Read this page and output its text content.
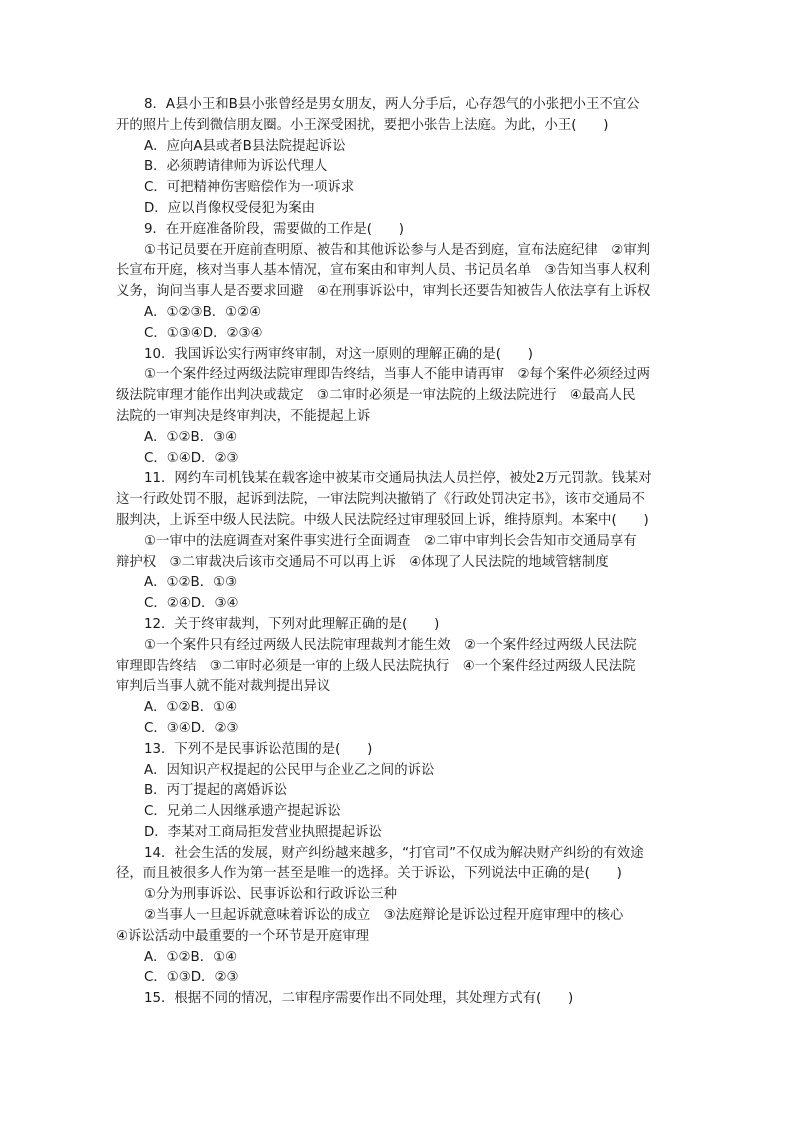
8．A县小王和B县小张曾经是男女朋友，两人分手后，心存怨气的小张把小王不宜公
开的照片上传到微信朋友圈。小王深受困扰，要把小张告上法庭。为此，小王(　　)
A．应向A县或者B县法院提起诉讼
B．必须聘请律师为诉讼代理人
C．可把精神伤害赔偿作为一项诉求
D．应以肖像权受侵犯为案由
9．在开庭准备阶段，需要做的工作是(　　)
①书记员要在开庭前查明原、被告和其他诉讼参与人是否到庭，宣布法庭纪律　②审判
长宣布开庭，核对当事人基本情况，宣布案由和审判人员、书记员名单　③告知当事人权利
义务，询问当事人是否要求回避　④在刑事诉讼中，审判长还要告知被告人依法享有上诉权
A．①②③B．①②④
C．①③④D．②③④
10．我国诉讼实行两审终审制，对这一原则的理解正确的是(　　)
①一个案件经过两级法院审理即告终结，当事人不能申请再审　②每个案件必须经过两
级法院审理才能作出判决或裁定　③二审时必须是一审法院的上级法院进行　④最高人民
法院的一审判决是终审判决，不能提起上诉
A．①②B．③④
C．①④D．②③
11．网约车司机钱某在载客途中被某市交通局执法人员拦停，被处2万元罚款。钱某对
这一行政处罚不服，起诉到法院，一审法院判决撤销了《行政处罚决定书》，该市交通局不
服判决，上诉至中级人民法院。中级人民法院经过审理驳回上诉，维持原判。本案中(　　)
①一审中的法庭调查对案件事实进行全面调查　②二审中审判长会告知市交通局享有
辩护权　③二审裁决后该市交通局不可以再上诉　④体现了人民法院的地域管辖制度
A．①②B．①③
C．②④D．③④
12．关于终审裁判，下列对此理解正确的是(　　)
①一个案件只有经过两级人民法院审理裁判才能生效　②一个案件经过两级人民法院
审理即告终结　③二审时必须是一审的上级人民法院执行　④一个案件经过两级人民法院
审判后当事人就不能对裁判提出异议
A．①②B．①④
C．③④D．②③
13．下列不是民事诉讼范围的是(　　)
A．因知识产权提起的公民甲与企业乙之间的诉讼
B．丙丁提起的离婚诉讼
C．兄弟二人因继承遗产提起诉讼
D．李某对工商局拒发营业执照提起诉讼
14．社会生活的发展，财产纠纷越来越多，“打官司”不仅成为解决财产纠纷的有效途
径，而且被很多人作为第一甚至是唯一的选择。关于诉讼，下列说法中正确的是(　　)
①分为刑事诉讼、民事诉讼和行政诉讼三种
②当事人一旦起诉就意味着诉讼的成立　③法庭辩论是诉讼过程开庭审理中的核心
④诉讼活动中最重要的一个环节是开庭审理
A．①②B．①④
C．①③D．②③
15．根据不同的情况，二审程序需要作出不同处理，其处理方式有(　　)
